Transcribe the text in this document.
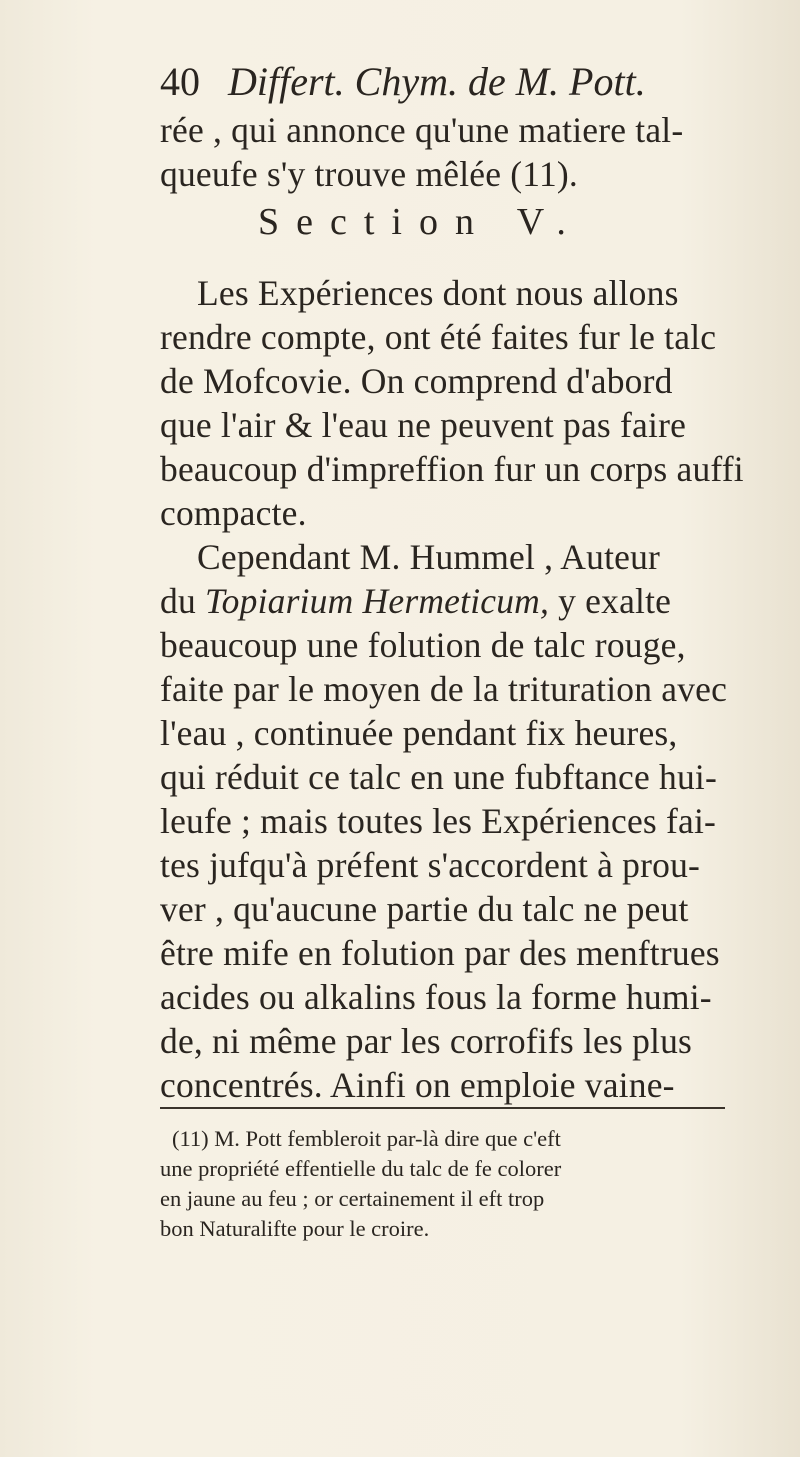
40 Differt. Chym. de M. Pott.
rée , qui annonce qu'une matiere tal-
queufe s'y trouve mêlée (11).
Section V.
Les Expériences dont nous allons
rendre compte, ont été faites fur le talc
de Mofcovie. On comprend d'abord
que l'air & l'eau ne peuvent pas faire
beaucoup d'impreffion fur un corps auffi
compacte.
Cependant M. Hummel , Auteur
du Topiarium Hermeticum, y exalte
beaucoup une folution de talc rouge,
faite par le moyen de la trituration avec
l'eau , continuée pendant fix heures,
qui réduit ce talc en une fubftance hui-
leufe ; mais toutes les Expériences fai-
tes jufqu'à préfent s'accordent à prou-
ver , qu'aucune partie du talc ne peut
être mife en folution par des menftrues
acides ou alkalins fous la forme humi-
de, ni même par les corrofifs les plus
concentrés. Ainfi on emploie vaine-
(11) M. Pott fembleroit par-là dire que c'eft
une propriété effentielle du talc de fe colorer
en jaune au feu ; or certainement il eft trop
bon Naturalifte pour le croire.
